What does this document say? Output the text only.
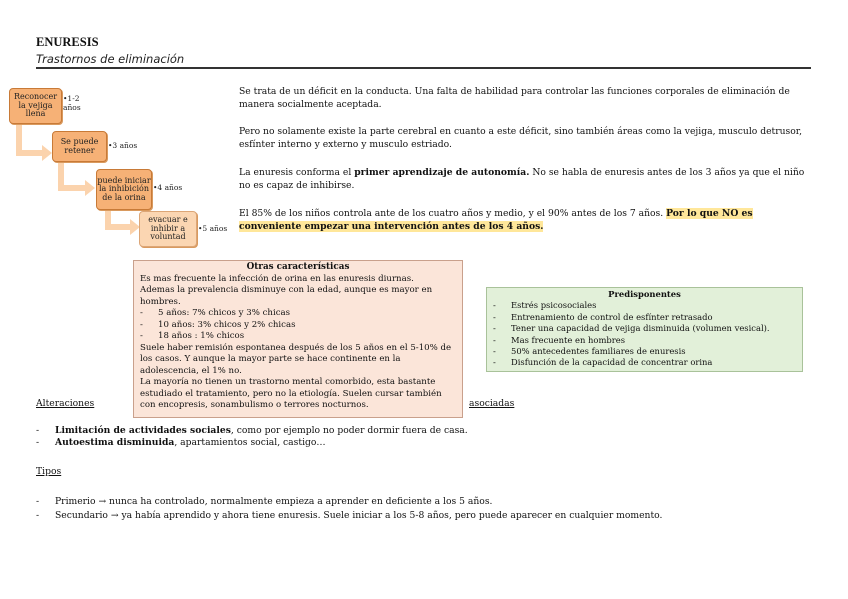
ENURESIS
Trastornos de eliminación
Reconocer la vejiga llena
•1-2 años
Se puede retener	•3 años
puede iniciar la inhibición de la orina
•4 años
evacuar e inhibir a voluntad
•5 años
Se trata de un déficit en la conducta. Una falta de habilidad para controlar las funciones corporales de eliminación de manera socialmente aceptada.
Pero no solamente existe la parte cerebral en cuanto a este déficit, sino también áreas como la vejiga, musculo detrusor, esfínter interno y externo y musculo estriado.
La enuresis conforma el primer aprendizaje de autonomía. No se habla de enuresis antes de los 3 años ya que el niño no es capaz de inhibirse.
El 85% de los niños controla ante de los cuatro años y medio, y el 90% antes de los 7 años. Por lo que NO es conveniente empezar una intervención antes de los 4 años.
Alteraciones	asociadas
Otras características
Es mas frecuente la infección de orina en las enuresis diurnas.
Ademas la prevalencia disminuye con la edad, aunque es mayor en hombres.
- 5 años: 7% chicos y 3% chicas
- 10 años: 3% chicos y 2% chicas
- 18 años : 1% chicos
Suele haber remisión espontanea después de los 5 años en el 5-10% de los casos. Y aunque la mayor parte se hace continente en la adolescencia, el 1% no.
La mayoría no tienen un trastorno mental comorbido, esta bastante estudiado el tratamiento, pero no la etiología. Suelen cursar también con encopresis, sonambulismo o terrores nocturnos.
Predisponentes
- Estrés psicosociales
- Entrenamiento de control de esfínter retrasado
- Tener una capacidad de vejiga disminuida (volumen vesical).
- Mas frecuente en hombres
- 50% antecedentes familiares de enuresis
- Disfunción de la capacidad de concentrar orina
- Limitación de actividades sociales, como por ejemplo no poder dormir fuera de casa.
- Autoestima disminuida, apartamientos social, castigo…
Tipos
- Primerio → nunca ha controlado, normalmente empieza a aprender en deficiente a los 5 años.
- Secundario → ya había aprendido y ahora tiene enuresis. Suele iniciar a los 5-8 años, pero puede aparecer en cualquier momento.
